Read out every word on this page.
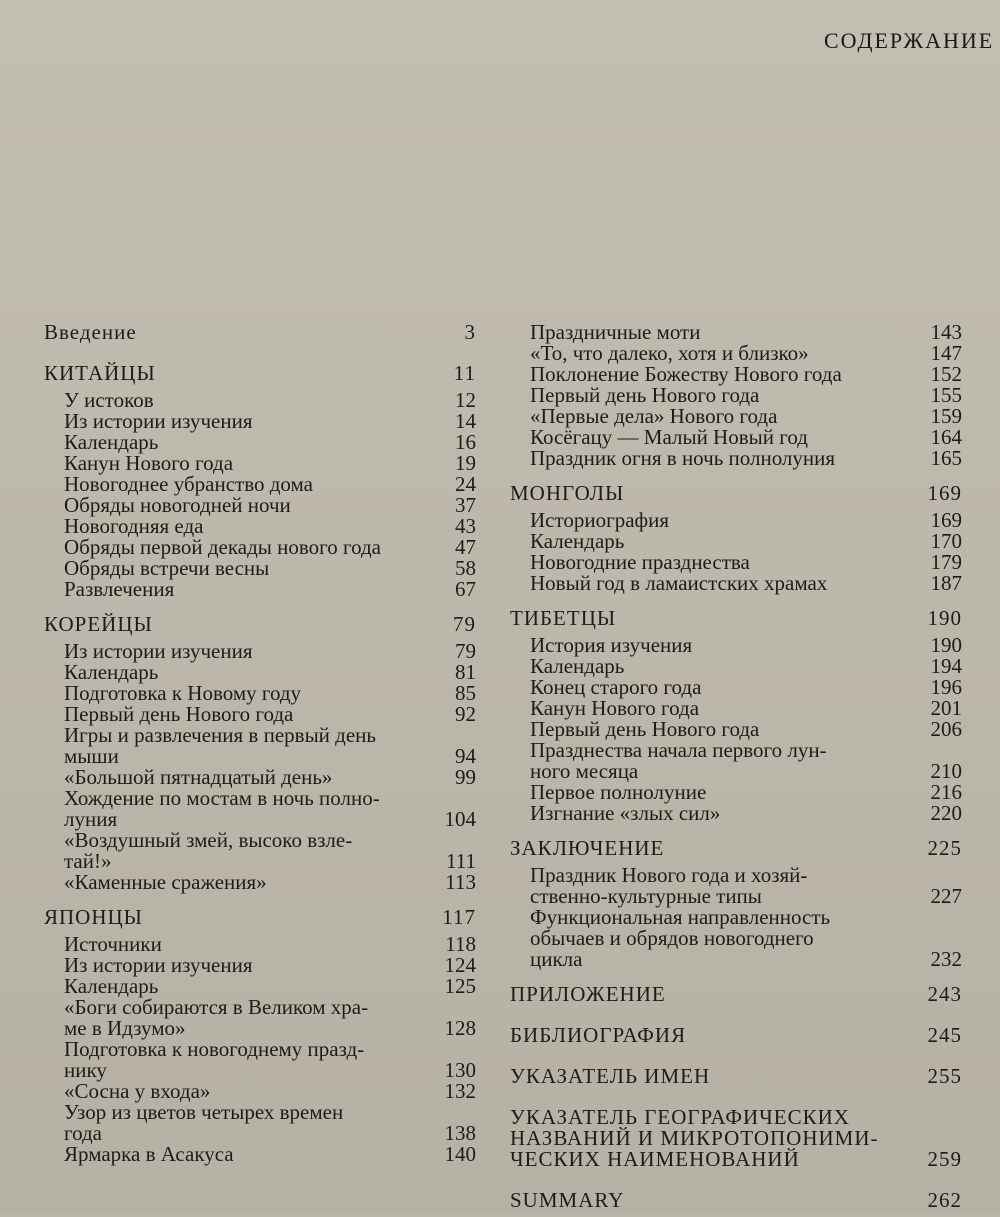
СОДЕРЖАНИЕ
Введение	3
КИТАЙЦЫ	11
У истоков	12
Из истории изучения	14
Календарь	16
Канун Нового года	19
Новогоднее убранство дома	24
Обряды новогодней ночи	37
Новогодняя еда	43
Обряды первой декады нового года	47
Обряды встречи весны	58
Развлечения	67
КОРЕЙЦЫ	79
Из истории изучения	79
Календарь	81
Подготовка к Новому году	85
Первый день Нового года	92
Игры и развлечения в первый день
мыши	94
«Большой пятнадцатый день»	99
Хождение по мостам в ночь полно-
луния	104
«Воздушный змей, высоко взле-
тай!»	111
«Каменные сражения»	113
ЯПОНЦЫ	117
Источники	118
Из истории изучения	124
Календарь	125
«Боги собираются в Великом хра-
ме в Идзумо»	128
Подготовка к новогоднему празд-
нику	130
«Сосна у входа»	132
Узор из цветов четырех времен
года	138
Ярмарка в Асакуса	140
Праздничные моти	143
«То, что далеко, хотя и близко»	147
Поклонение Божеству Нового года	152
Первый день Нового года	155
«Первые дела» Нового года	159
Косёгацу — Малый Новый год	164
Праздник огня в ночь полнолуния	165
МОНГОЛЫ	169
Историография	169
Календарь	170
Новогодние празднества	179
Новый год в ламаистских храмах	187
ТИБЕТЦЫ	190
История изучения	190
Календарь	194
Конец старого года	196
Канун Нового года	201
Первый день Нового года	206
Празднества начала первого лун-
ного месяца	210
Первое полнолуние	216
Изгнание «злых сил»	220
ЗАКЛЮЧЕНИЕ	225
Праздник Нового года и хозяй-
ственно-культурные типы	227
Функциональная направленность
обычаев и обрядов новогоднего
цикла	232
ПРИЛОЖЕНИЕ	243
БИБЛИОГРАФИЯ	245
УКАЗАТЕЛЬ ИМЕН	255
УКАЗАТЕЛЬ ГЕОГРАФИЧЕСКИХ
НАЗВАНИЙ И МИКРОТОПОНИМИ-
ЧЕСКИХ НАИМЕНОВАНИЙ	259
SUMMARY	262
